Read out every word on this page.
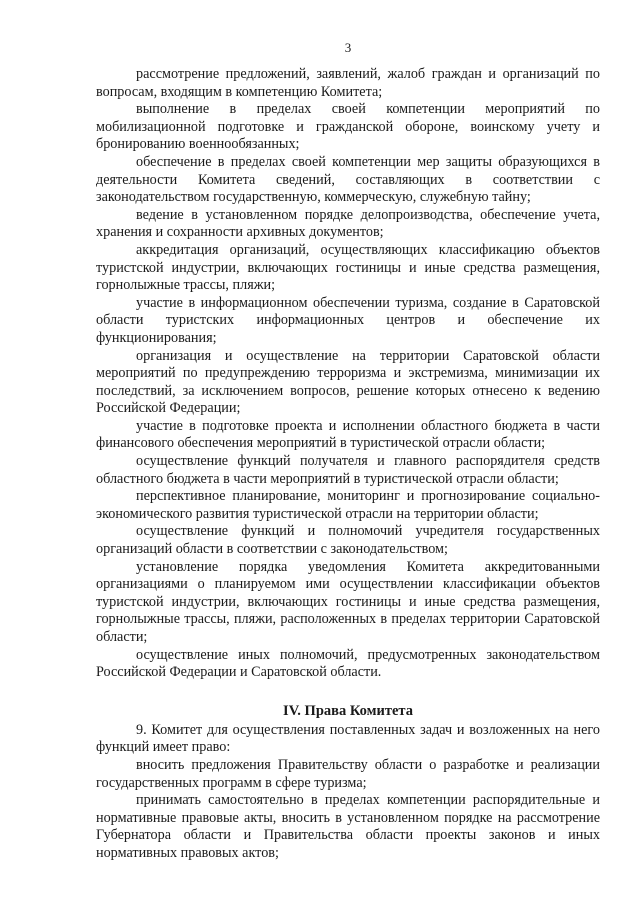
3

рассмотрение предложений, заявлений, жалоб граждан и организаций по вопросам, входящим в компетенцию Комитета;

выполнение в пределах своей компетенции мероприятий по мобилизационной подготовке и гражданской обороне, воинскому учету и бронированию военнообязанных;

обеспечение в пределах своей компетенции мер защиты образующихся в деятельности Комитета сведений, составляющих в соответствии с законодательством государственную, коммерческую, служебную тайну;

ведение в установленном порядке делопроизводства, обеспечение учета, хранения и сохранности архивных документов;

аккредитация организаций, осуществляющих классификацию объектов туристской индустрии, включающих гостиницы и иные средства размещения, горнолыжные трассы, пляжи;

участие в информационном обеспечении туризма, создание в Саратовской области туристских информационных центров и обеспечение их функционирования;

организация и осуществление на территории Саратовской области мероприятий по предупреждению терроризма и экстремизма, минимизации их последствий, за исключением вопросов, решение которых отнесено к ведению Российской Федерации;

участие в подготовке проекта и исполнении областного бюджета в части финансового обеспечения мероприятий в туристической отрасли области;

осуществление функций получателя и главного распорядителя средств областного бюджета в части мероприятий в туристической отрасли области;

перспективное планирование, мониторинг и прогнозирование социально-экономического развития туристической отрасли на территории области;

осуществление функций и полномочий учредителя государственных организаций области в соответствии с законодательством;

установление порядка уведомления Комитета аккредитованными организациями о планируемом ими осуществлении классификации объектов туристской индустрии, включающих гостиницы и иные средства размещения, горнолыжные трассы, пляжи, расположенных в пределах территории Саратовской области;

осуществление иных полномочий, предусмотренных законодательством Российской Федерации и Саратовской области.

IV. Права Комитета

9. Комитет для осуществления поставленных задач и возложенных на него функций имеет право:

вносить предложения Правительству области о разработке и реализации государственных программ в сфере туризма;

принимать самостоятельно в пределах компетенции распорядительные и нормативные правовые акты, вносить в установленном порядке на рассмотрение Губернатора области и Правительства области проекты законов и иных нормативных правовых актов;
